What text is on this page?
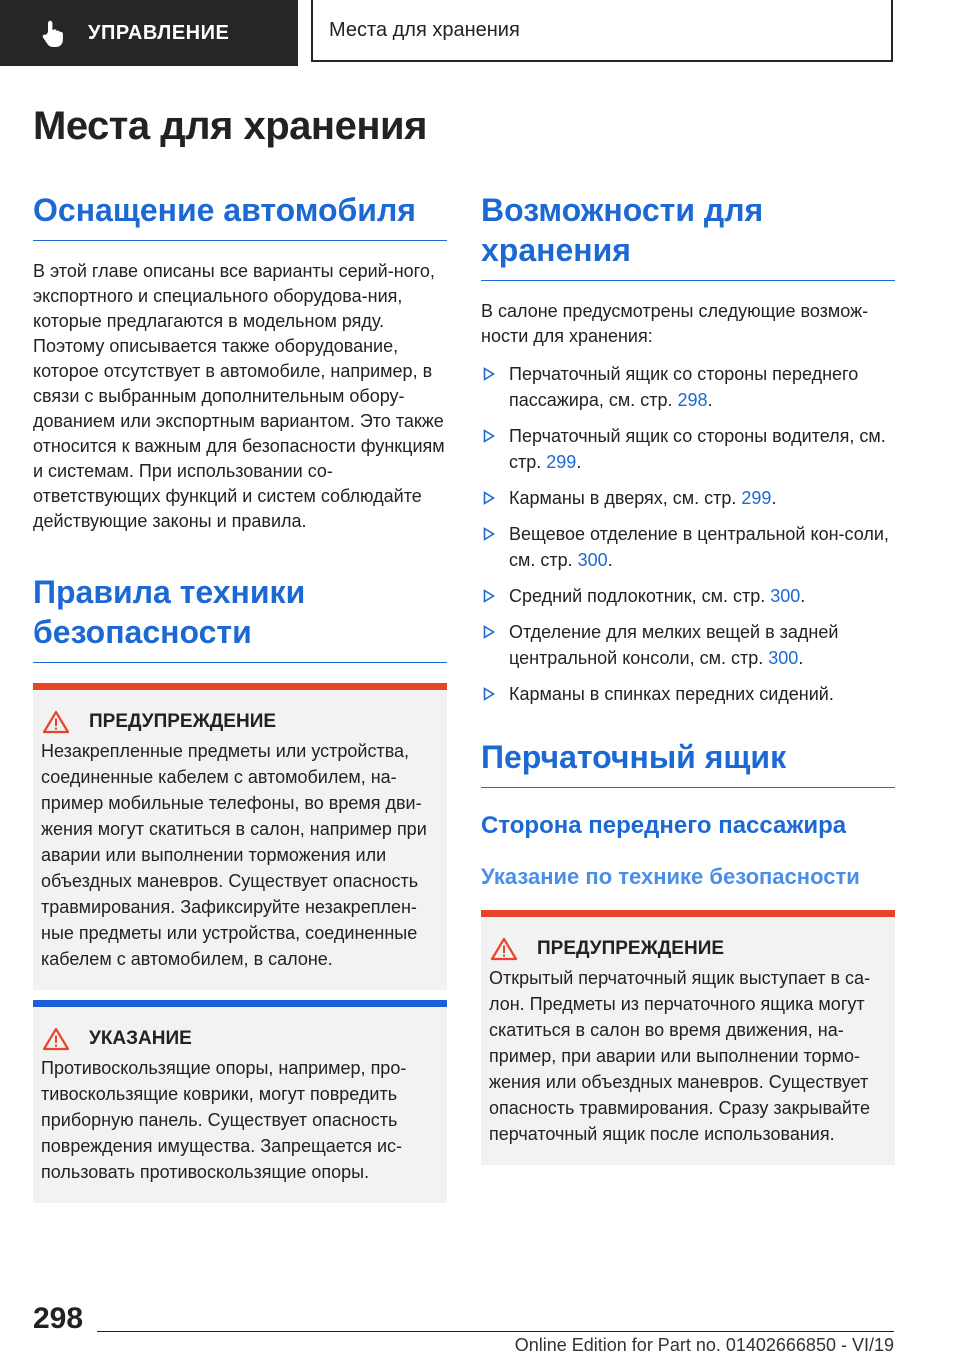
УПРАВЛЕНИЕ	Места для хранения
Места для хранения
Оснащение автомобиля

В этой главе описаны все варианты серий-ного, экспортного и специального оборудова-ния, которые предлагаются в модельном ряду. Поэтому описывается также оборудование, которое отсутствует в автомобиле, например, в связи с выбранным дополнительным обору-дованием или экспортным вариантом. Это также относится к важным для безопасности функциям и системам. При использовании со-ответствующих функций и систем соблюдайте действующие законы и правила.

Правила техники безопасности
ПРЕДУПРЕЖДЕНИЕ

Незакрепленные предметы или устройства, соединенные кабелем с автомобилем, на-пример мобильные телефоны, во время дви-жения могут скатиться в салон, например при аварии или выполнении торможения или объездных маневров. Существует опасность травмирования. Зафиксируйте незакреплен-ные предметы или устройства, соединенные кабелем с автомобилем, в салоне.

УКАЗАНИЕ

Противоскользящие опоры, например, про-тивоскользящие коврики, могут повредить приборную панель. Существует опасность повреждения имущества. Запрещается ис-пользовать противоскользящие опоры.

Возможности для хранения

В салоне предусмотрены следующие возмож-ности для хранения:

Перчаточный ящик со стороны переднего пассажира, см. стр. 298.
Перчаточный ящик со стороны водителя, см. стр. 299.
Карманы в дверях, см. стр. 299.
Вещевое отделение в центральной кон-соли, см. стр. 300.
Средний подлокотник, см. стр. 300.
Отделение для мелких вещей в задней центральной консоли, см. стр. 300.
Карманы в спинках передних сидений.
Перчаточный ящик
Сторона переднего пассажира
Указание по технике безопасности
ПРЕДУПРЕЖДЕНИЕ

Открытый перчаточный ящик выступает в са-лон. Предметы из перчаточного ящика могут скатиться в салон во время движения, на-пример, при аварии или выполнении тормо-жения или объездных маневров. Существует опасность травмирования. Сразу закрывайте перчаточный ящик после использования.

298
Online Edition for Part no. 01402666850 - VI/19
